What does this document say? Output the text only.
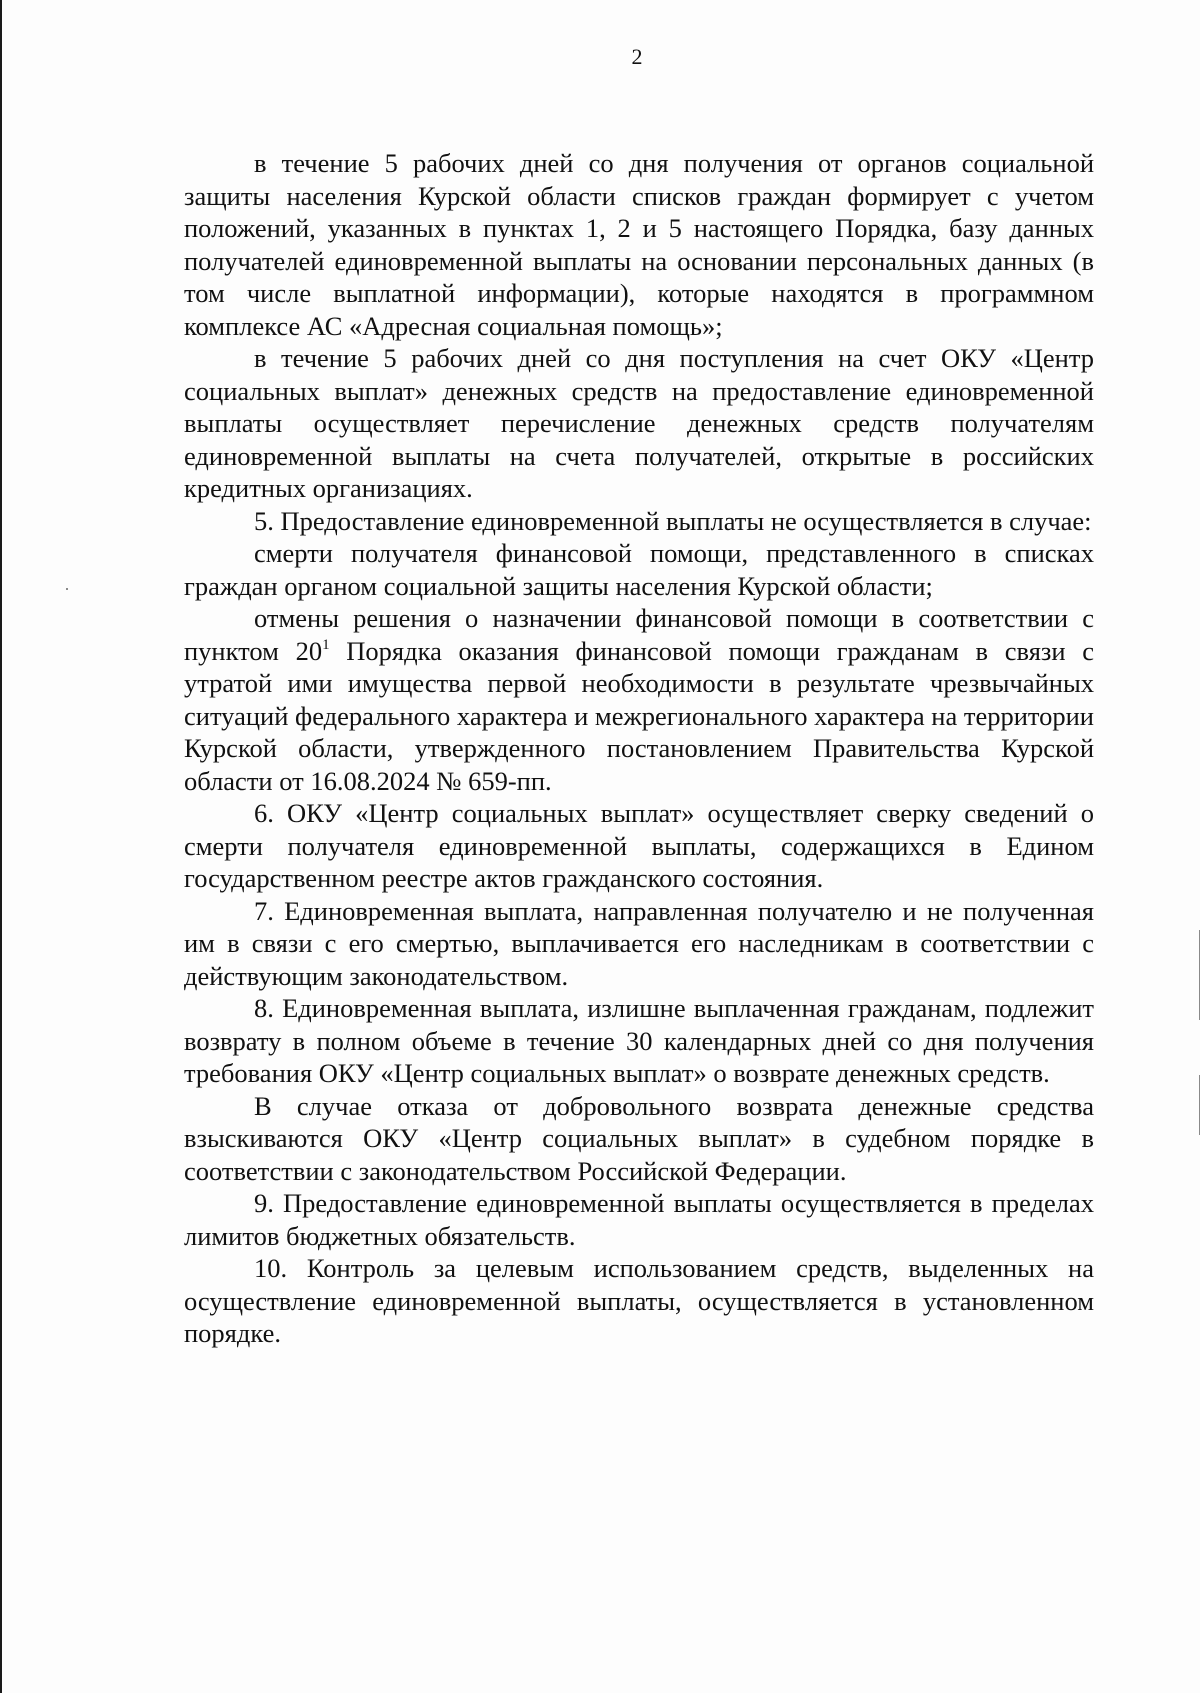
2

в течение 5 рабочих дней со дня получения от органов социальной защиты населения Курской области списков граждан формирует с учетом положений, указанных в пунктах 1, 2 и 5 настоящего Порядка, базу данных получателей единовременной выплаты на основании персональных данных (в том числе выплатной информации), которые находятся в программном комплексе АС «Адресная социальная помощь»;

в течение 5 рабочих дней со дня поступления на счет ОКУ «Центр социальных выплат» денежных средств на предоставление единовременной выплаты осуществляет перечисление денежных средств получателям единовременной выплаты на счета получателей, открытые в российских кредитных организациях.

5. Предоставление единовременной выплаты не осуществляется в случае:

смерти получателя финансовой помощи, представленного в списках граждан органом социальной защиты населения Курской области;

отмены решения о назначении финансовой помощи в соответствии с пунктом $20^1$ Порядка оказания финансовой помощи гражданам в связи с утратой ими имущества первой необходимости в результате чрезвычайных ситуаций федерального характера и межрегионального характера на территории Курской области, утвержденного постановлением Правительства Курской области от 16.08.2024 № 659-пп.

6. ОКУ «Центр социальных выплат» осуществляет сверку сведений о смерти получателя единовременной выплаты, содержащихся в Едином государственном реестре актов гражданского состояния.

7. Единовременная выплата, направленная получателю и не полученная им в связи с его смертью, выплачивается его наследникам в соответствии с действующим законодательством.

8. Единовременная выплата, излишне выплаченная гражданам, подлежит возврату в полном объеме в течение 30 календарных дней со дня получения требования ОКУ «Центр социальных выплат» о возврате денежных средств.

В случае отказа от добровольного возврата денежные средства взыскиваются ОКУ «Центр социальных выплат» в судебном порядке в соответствии с законодательством Российской Федерации.

9. Предоставление единовременной выплаты осуществляется в пределах лимитов бюджетных обязательств.

10. Контроль за целевым использованием средств, выделенных на осуществление единовременной выплаты, осуществляется в установленном порядке.
